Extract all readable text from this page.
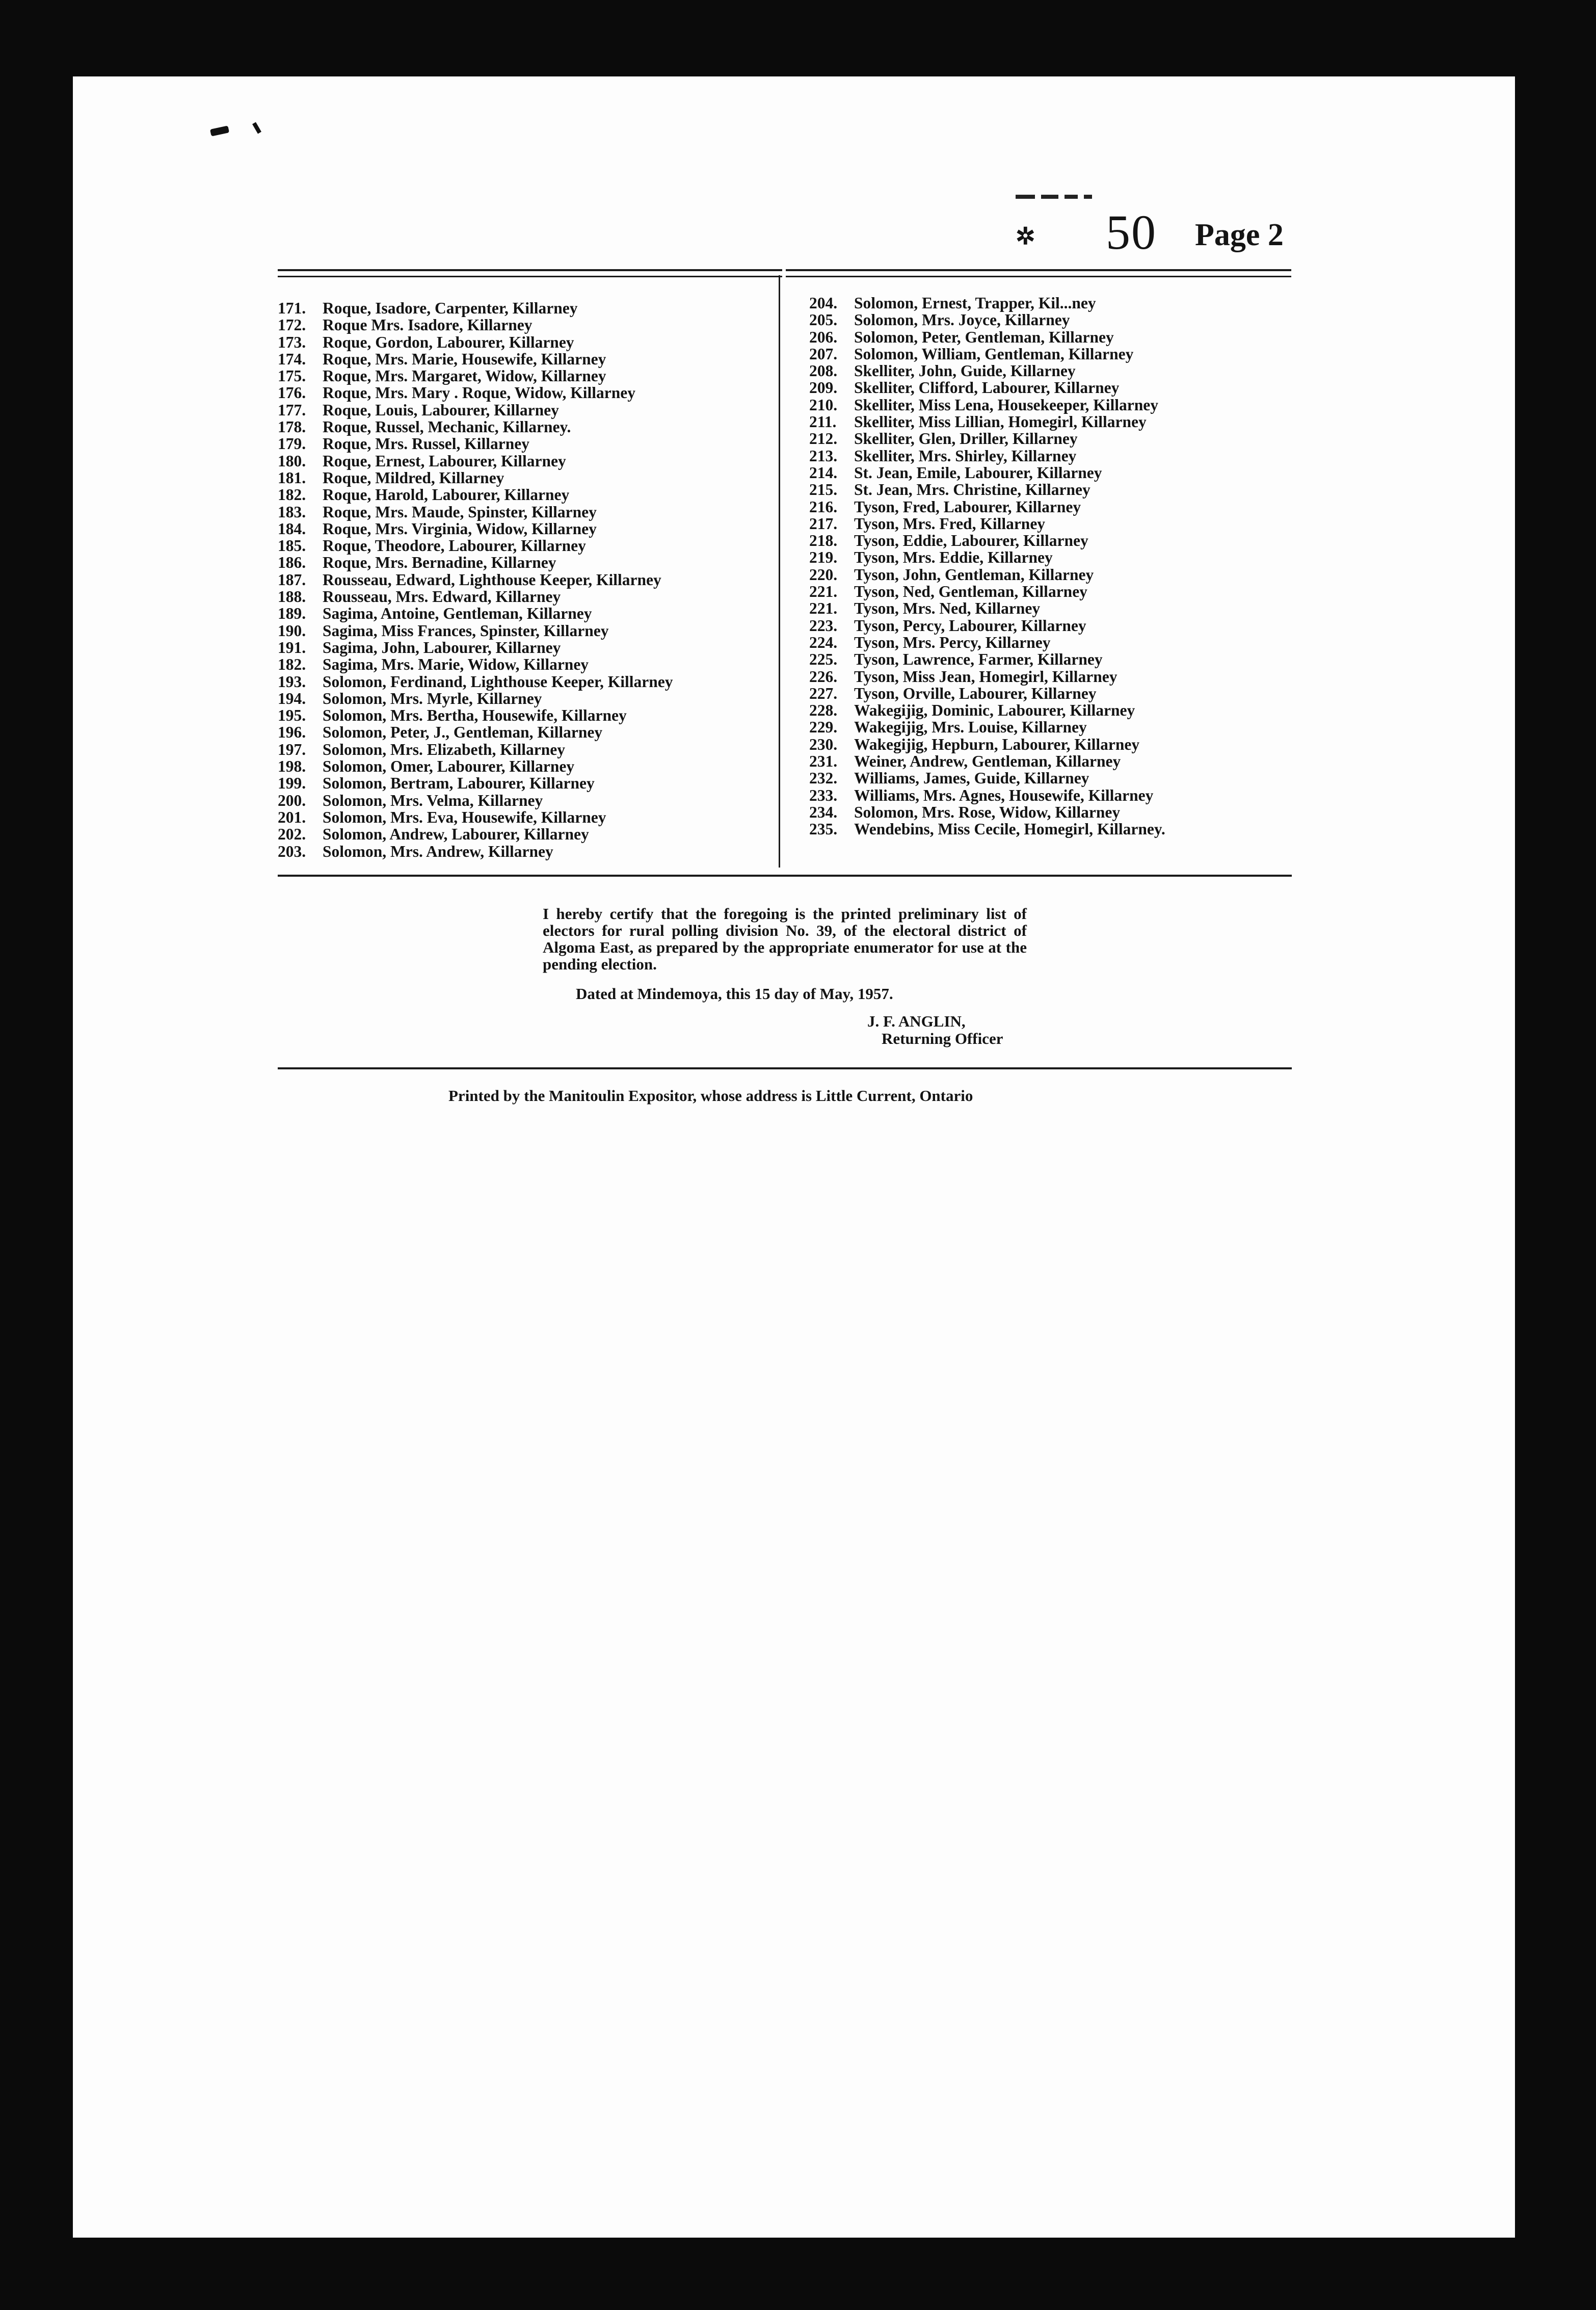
✲ 50 Page 2
171. Roque, Isadore, Carpenter, Killarney
172. Roque Mrs. Isadore, Killarney
173. Roque, Gordon, Labourer, Killarney
174. Roque, Mrs. Marie, Housewife, Killarney
175. Roque, Mrs. Margaret, Widow, Killarney
176. Roque, Mrs. Mary . Roque, Widow, Killarney
177. Roque, Louis, Labourer, Killarney
178. Roque, Russel, Mechanic, Killarney.
179. Roque, Mrs. Russel, Killarney
180. Roque, Ernest, Labourer, Killarney
181. Roque, Mildred, Killarney
182. Roque, Harold, Labourer, Killarney
183. Roque, Mrs. Maude, Spinster, Killarney
184. Roque, Mrs. Virginia, Widow, Killarney
185. Roque, Theodore, Labourer, Killarney
186. Roque, Mrs. Bernadine, Killarney
187. Rousseau, Edward, Lighthouse Keeper, Killarney
188. Rousseau, Mrs. Edward, Killarney
189. Sagima, Antoine, Gentleman, Killarney
190. Sagima, Miss Frances, Spinster, Killarney
191. Sagima, John, Labourer, Killarney
182. Sagima, Mrs. Marie, Widow, Killarney
193. Solomon, Ferdinand, Lighthouse Keeper, Killarney
194. Solomon, Mrs. Myrle, Killarney
195. Solomon, Mrs. Bertha, Housewife, Killarney
196. Solomon, Peter, J., Gentleman, Killarney
197. Solomon, Mrs. Elizabeth, Killarney
198. Solomon, Omer, Labourer, Killarney
199. Solomon, Bertram, Labourer, Killarney
200. Solomon, Mrs. Velma, Killarney
201. Solomon, Mrs. Eva, Housewife, Killarney
202. Solomon, Andrew, Labourer, Killarney
203. Solomon, Mrs. Andrew, Killarney
204. Solomon, Ernest, Trapper, Kil...ney
205. Solomon, Mrs. Joyce, Killarney
206. Solomon, Peter, Gentleman, Killarney
207. Solomon, William, Gentleman, Killarney
208. Skelliter, John, Guide, Killarney
209. Skelliter, Clifford, Labourer, Killarney
210. Skelliter, Miss Lena, Housekeeper, Killarney
211. Skelliter, Miss Lillian, Homegirl, Killarney
212. Skelliter, Glen, Driller, Killarney
213. Skelliter, Mrs. Shirley, Killarney
214. St. Jean, Emile, Labourer, Killarney
215. St. Jean, Mrs. Christine, Killarney
216. Tyson, Fred, Labourer, Killarney
217. Tyson, Mrs. Fred, Killarney
218. Tyson, Eddie, Labourer, Killarney
219. Tyson, Mrs. Eddie, Killarney
220. Tyson, John, Gentleman, Killarney
221. Tyson, Ned, Gentleman, Killarney
221. Tyson, Mrs. Ned, Killarney
223. Tyson, Percy, Labourer, Killarney
224. Tyson, Mrs. Percy, Killarney
225. Tyson, Lawrence, Farmer, Killarney
226. Tyson, Miss Jean, Homegirl, Killarney
227. Tyson, Orville, Labourer, Killarney
228. Wakegijig, Dominic, Labourer, Killarney
229. Wakegijig, Mrs. Louise, Killarney
230. Wakegijig, Hepburn, Labourer, Killarney
231. Weiner, Andrew, Gentleman, Killarney
232. Williams, James, Guide, Killarney
233. Williams, Mrs. Agnes, Housewife, Killarney
234. Solomon, Mrs. Rose, Widow, Killarney
235. Wendebins, Miss Cecile, Homegirl, Killarney.
I hereby certify that the foregoing is the printed preliminary list of electors for rural polling division No. 39, of the electoral district of Algoma East, as prepared by the appropriate enumerator for use at the pending election.
Dated at Mindemoya, this 15 day of May, 1957.
J. F. ANGLIN,
Returning Officer
Printed by the Manitoulin Expositor, whose address is Little Current, Ontario
